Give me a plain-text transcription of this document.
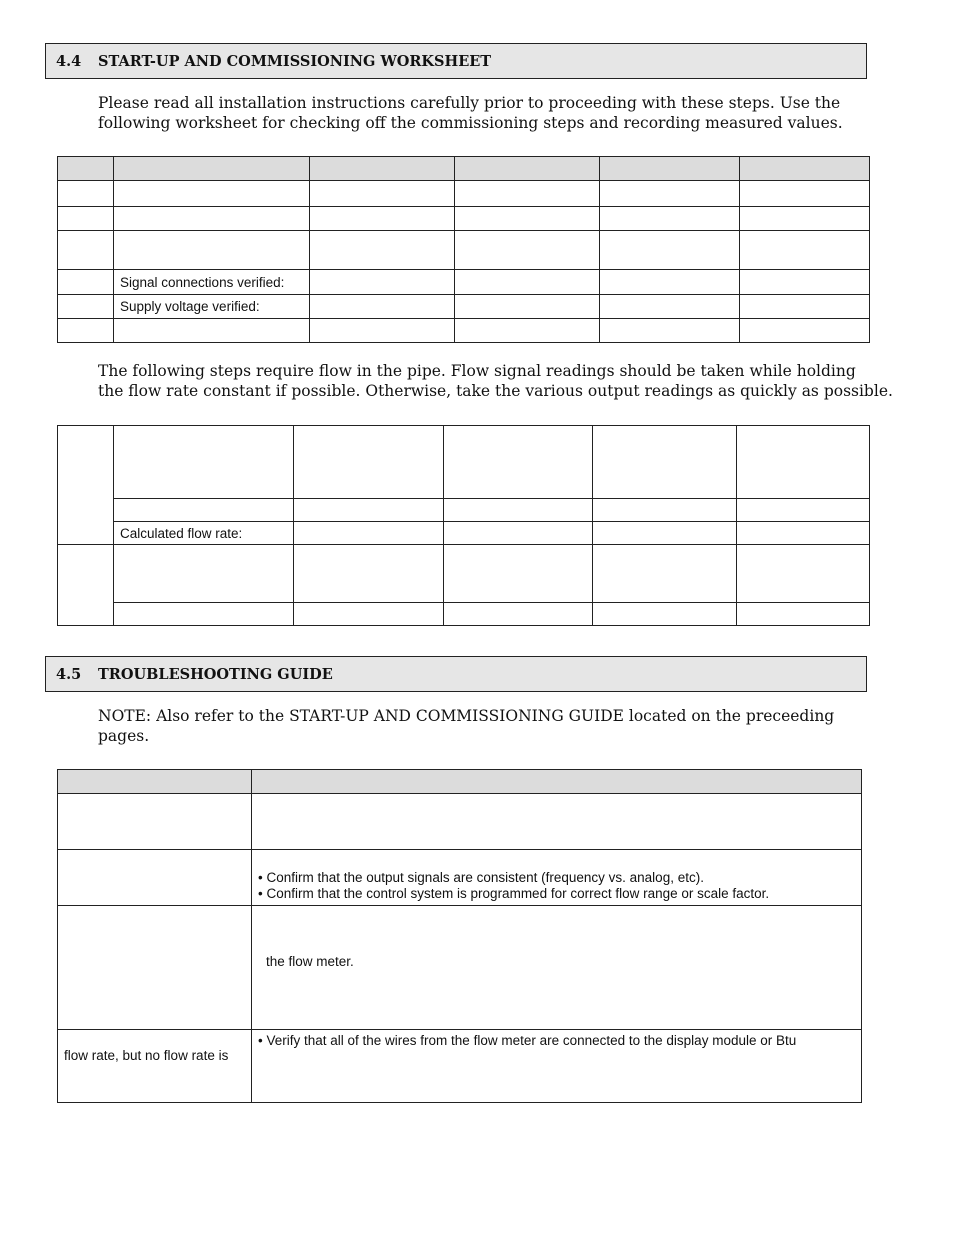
4.4	START-UP AND COMMISSIONING WORKSHEET
Please read all installation instructions carefully prior to proceeding with these steps. Use the
following worksheet for checking off the commissioning steps and recording measured values.

	Signal connections verified:				
	Supply voltage verified:				

The following steps require flow in the pipe. Flow signal readings should be taken while holding
the flow rate constant if possible. Otherwise, take the various output readings as quickly as possible.

	Calculated flow rate:				

4.5	TROUBLESHOOTING GUIDE
NOTE: Also refer to the START-UP AND COMMISSIONING GUIDE located on the preceeding
pages.

	• Confirm that the output signals are consistent (frequency vs. analog, etc).
• Confirm that the control system is programmed for correct flow range or scale factor.

	the flow meter.

flow rate, but no flow rate is	• Verify that all of the wires from the flow meter are connected to the display module or Btu
